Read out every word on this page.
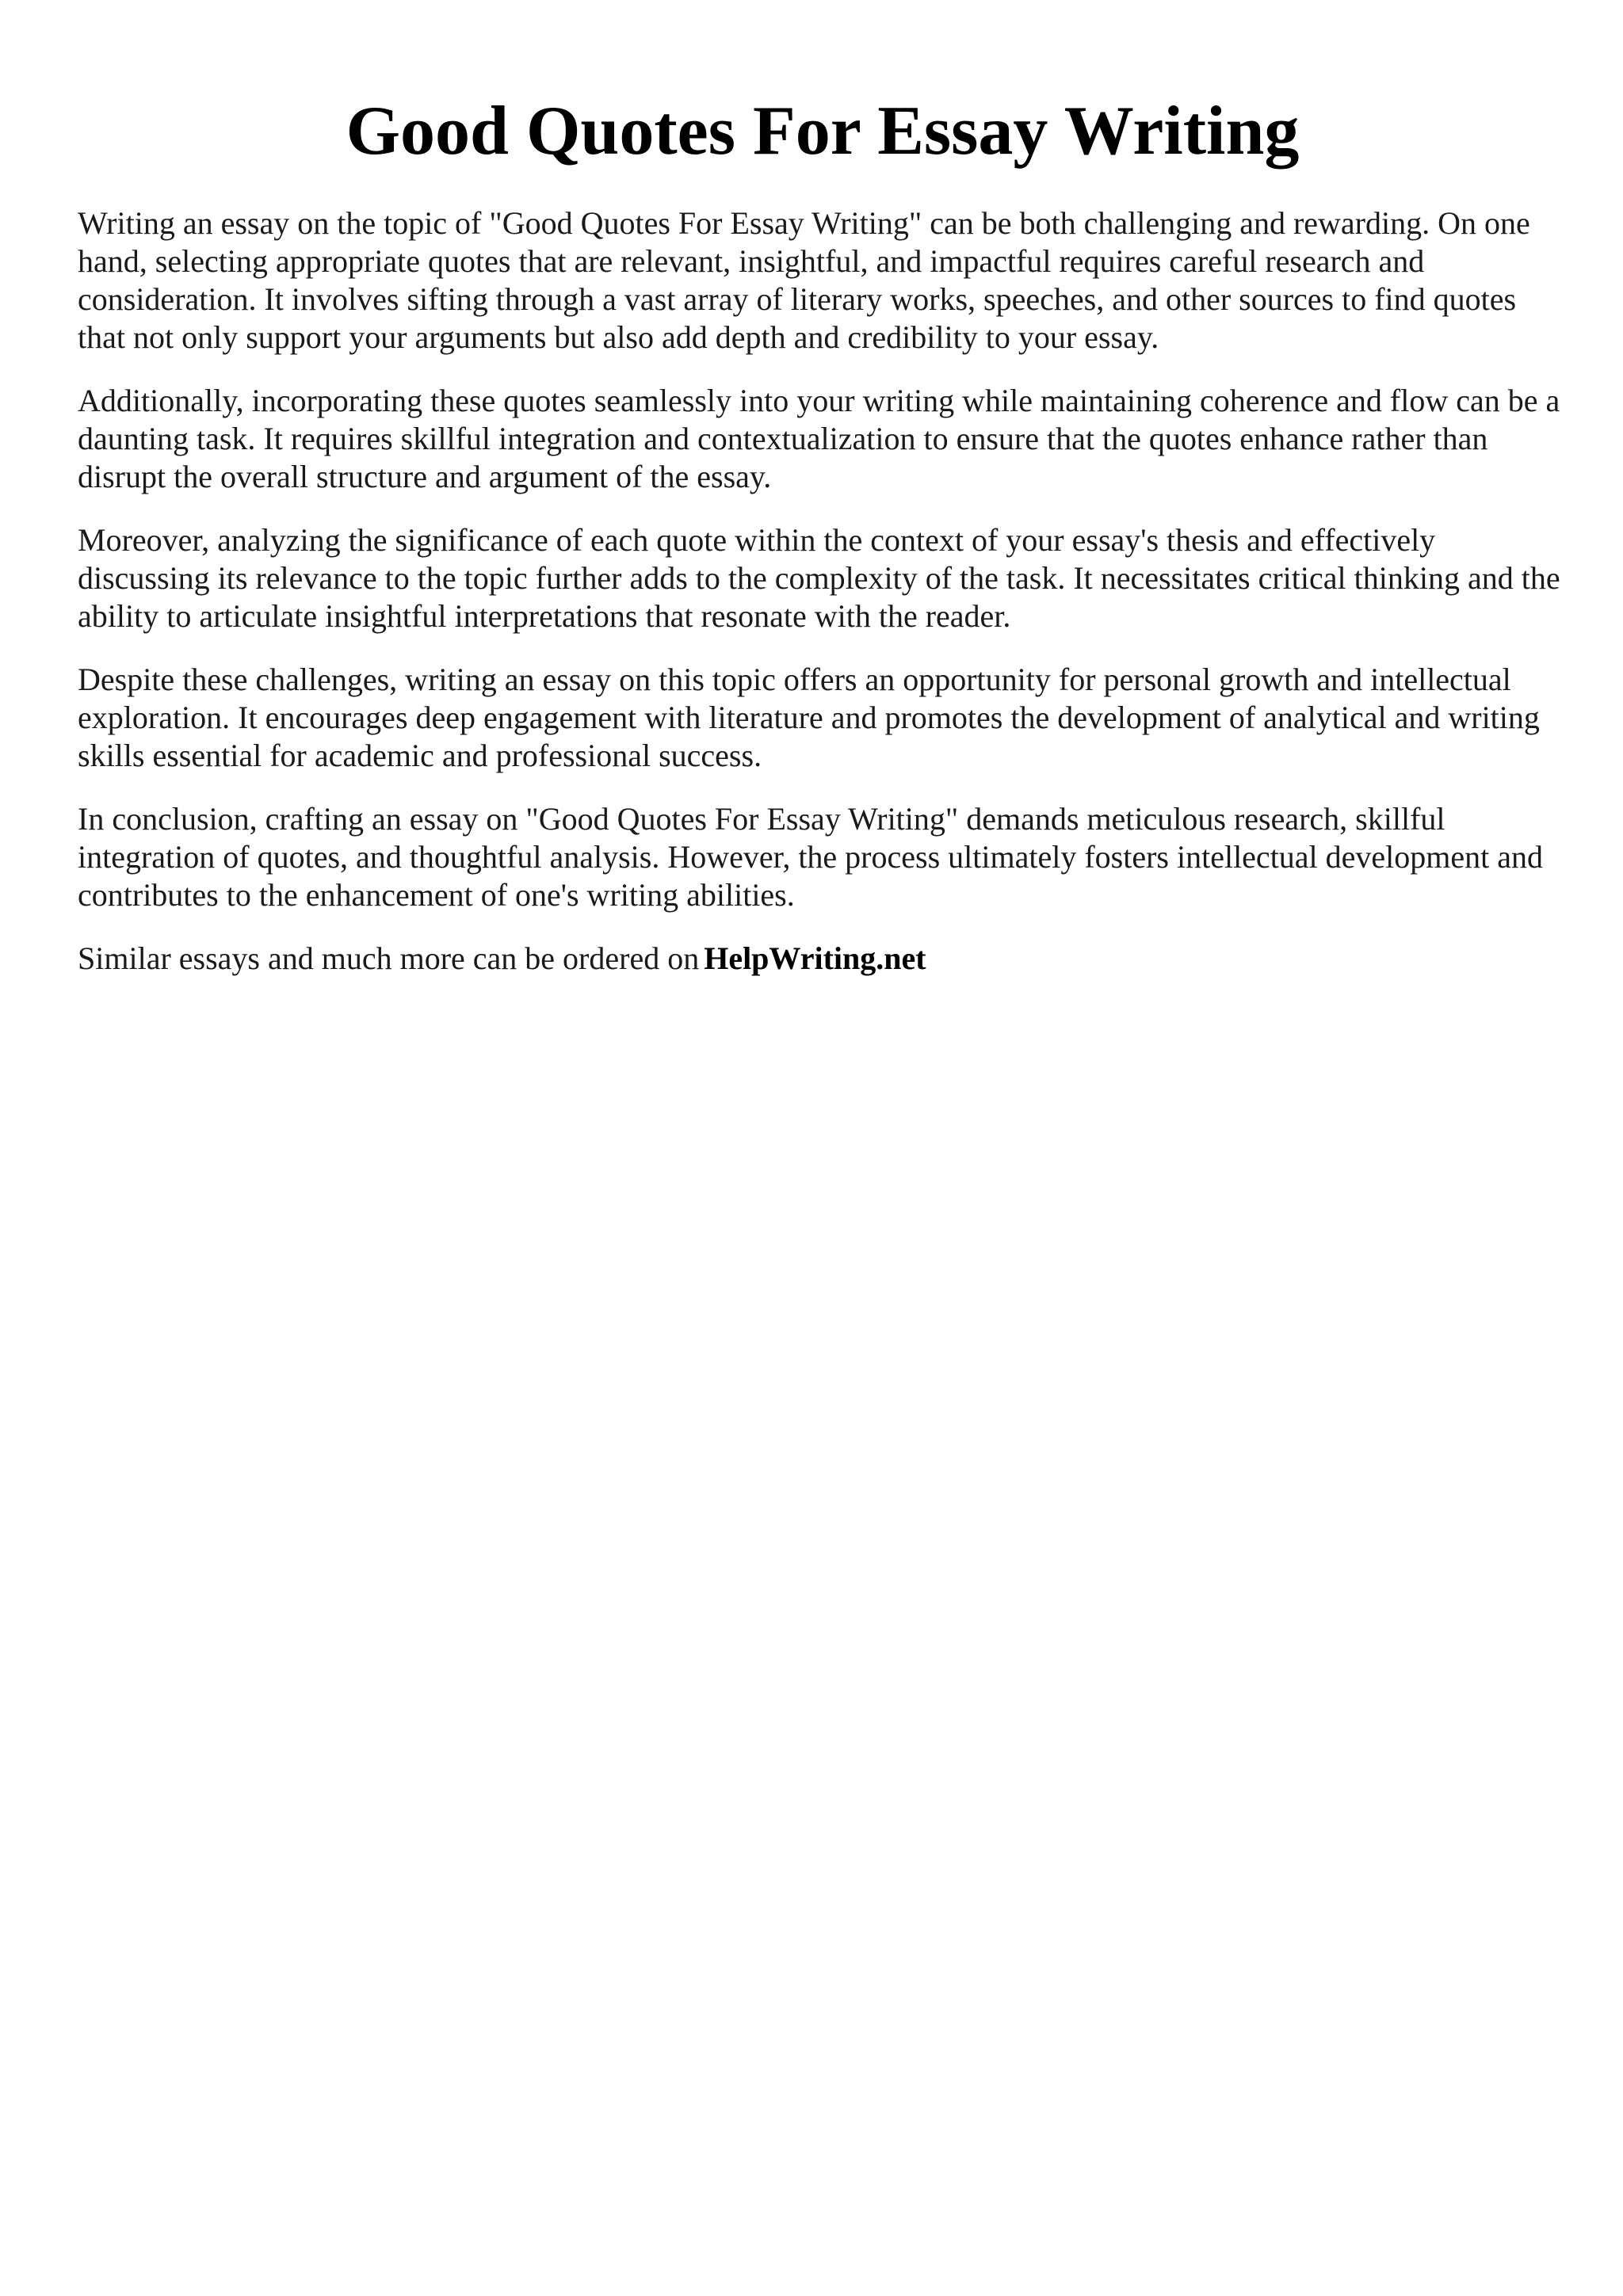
Good Quotes For Essay Writing

Writing an essay on the topic of "Good Quotes For Essay Writing" can be both challenging and rewarding. On one hand, selecting appropriate quotes that are relevant, insightful, and impactful requires careful research and consideration. It involves sifting through a vast array of literary works, speeches, and other sources to find quotes that not only support your arguments but also add depth and credibility to your essay.

Additionally, incorporating these quotes seamlessly into your writing while maintaining coherence and flow can be a daunting task. It requires skillful integration and contextualization to ensure that the quotes enhance rather than disrupt the overall structure and argument of the essay.

Moreover, analyzing the significance of each quote within the context of your essay's thesis and effectively discussing its relevance to the topic further adds to the complexity of the task. It necessitates critical thinking and the ability to articulate insightful interpretations that resonate with the reader.

Despite these challenges, writing an essay on this topic offers an opportunity for personal growth and intellectual exploration. It encourages deep engagement with literature and promotes the development of analytical and writing skills essential for academic and professional success.

In conclusion, crafting an essay on "Good Quotes For Essay Writing" demands meticulous research, skillful integration of quotes, and thoughtful analysis. However, the process ultimately fosters intellectual development and contributes to the enhancement of one's writing abilities.

Similar essays and much more can be ordered on HelpWriting.net
